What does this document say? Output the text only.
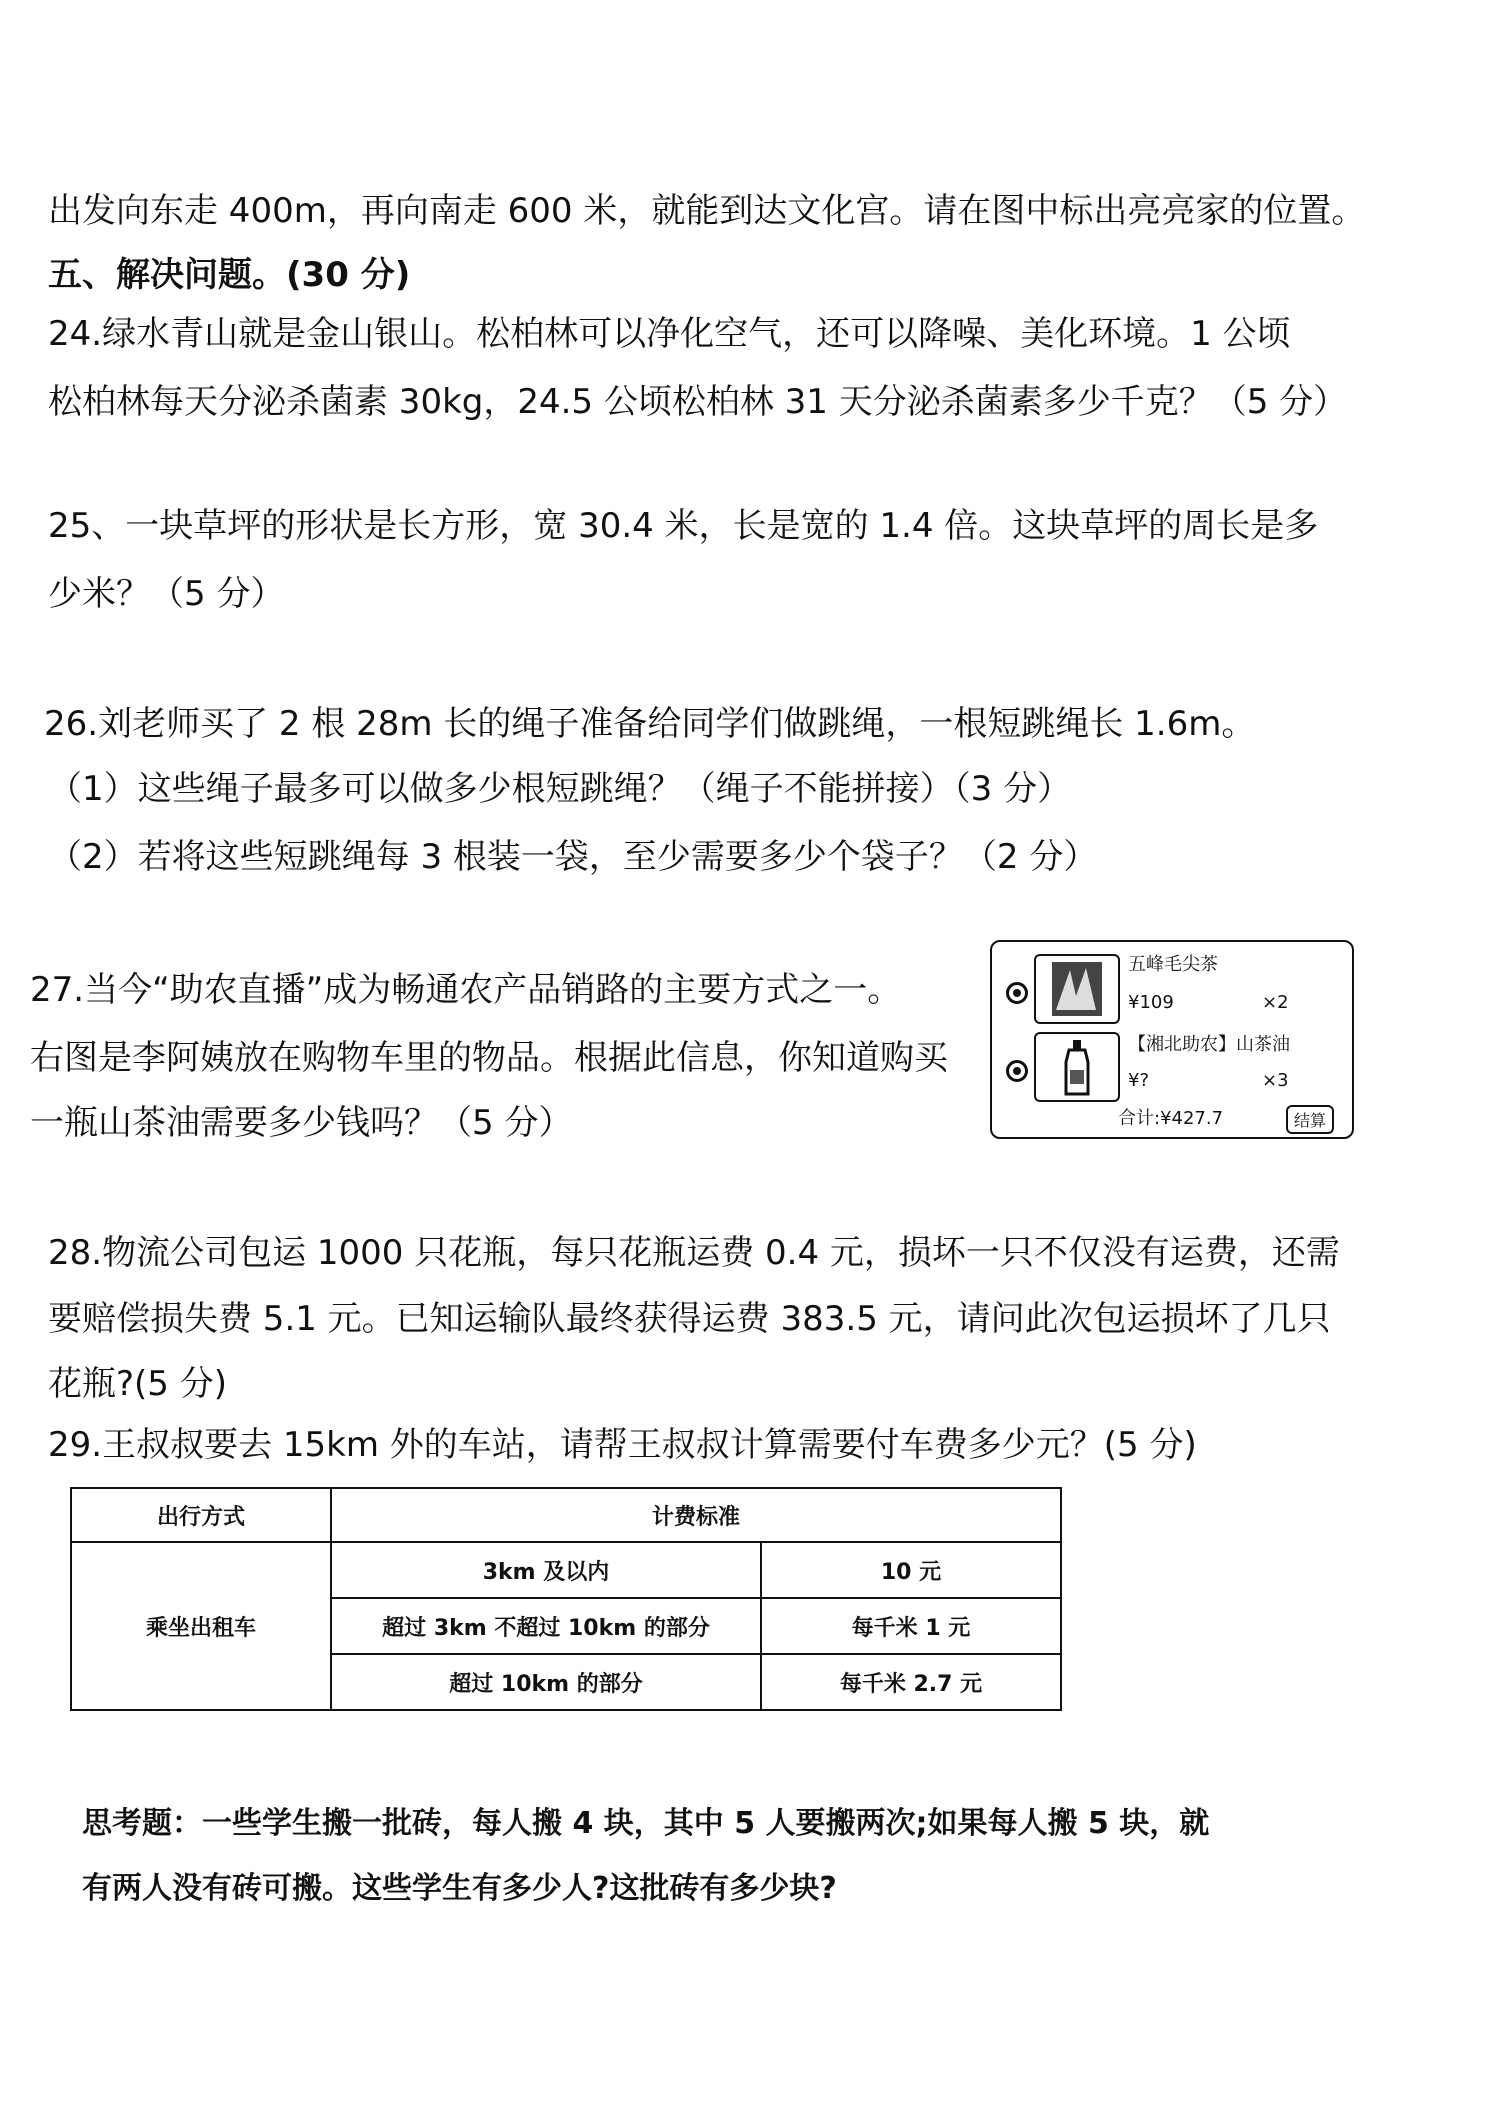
出发向东走 400m，再向南走 600 米，就能到达文化宫。请在图中标出亮亮家的位置。
五、解决问题。(30 分)
24.绿水青山就是金山银山。松柏林可以净化空气，还可以降噪、美化环境。1 公顷
松柏林每天分泌杀菌素 30kg，24.5 公顷松柏林 31 天分泌杀菌素多少千克？（5 分）
25、一块草坪的形状是长方形，宽 30.4 米，长是宽的 1.4 倍。这块草坪的周长是多
少米？（5 分）
26.刘老师买了 2 根 28m 长的绳子准备给同学们做跳绳，一根短跳绳长 1.6m。
（1）这些绳子最多可以做多少根短跳绳？（绳子不能拼接）（3 分）
（2）若将这些短跳绳每 3 根装一袋，至少需要多少个袋子？（2 分）
27.当今“助农直播”成为畅通农产品销路的主要方式之一。
右图是李阿姨放在购物车里的物品。根据此信息，你知道购买
一瓶山茶油需要多少钱吗？（5 分）
28.物流公司包运 1000 只花瓶，每只花瓶运费 0.4 元，损坏一只不仅没有运费，还需
要赔偿损失费 5.1 元。已知运输队最终获得运费 383.5 元，请问此次包运损坏了几只
花瓶?(5 分)
29.王叔叔要去 15km 外的车站，请帮王叔叔计算需要付车费多少元？(5 分)
五峰毛尖茶
¥109	×2
【湘北助农】山茶油
¥?	×3
合计:¥427.7	结算
出行方式	计费标准	
乘坐出租车	3km 及以内	10 元
	超过 3km 不超过 10km 的部分	每千米 1 元
	超过 10km 的部分	每千米 2.7 元
思考题：一些学生搬一批砖，每人搬 4 块，其中 5 人要搬两次;如果每人搬 5 块，就
有两人没有砖可搬。这些学生有多少人?这批砖有多少块?
